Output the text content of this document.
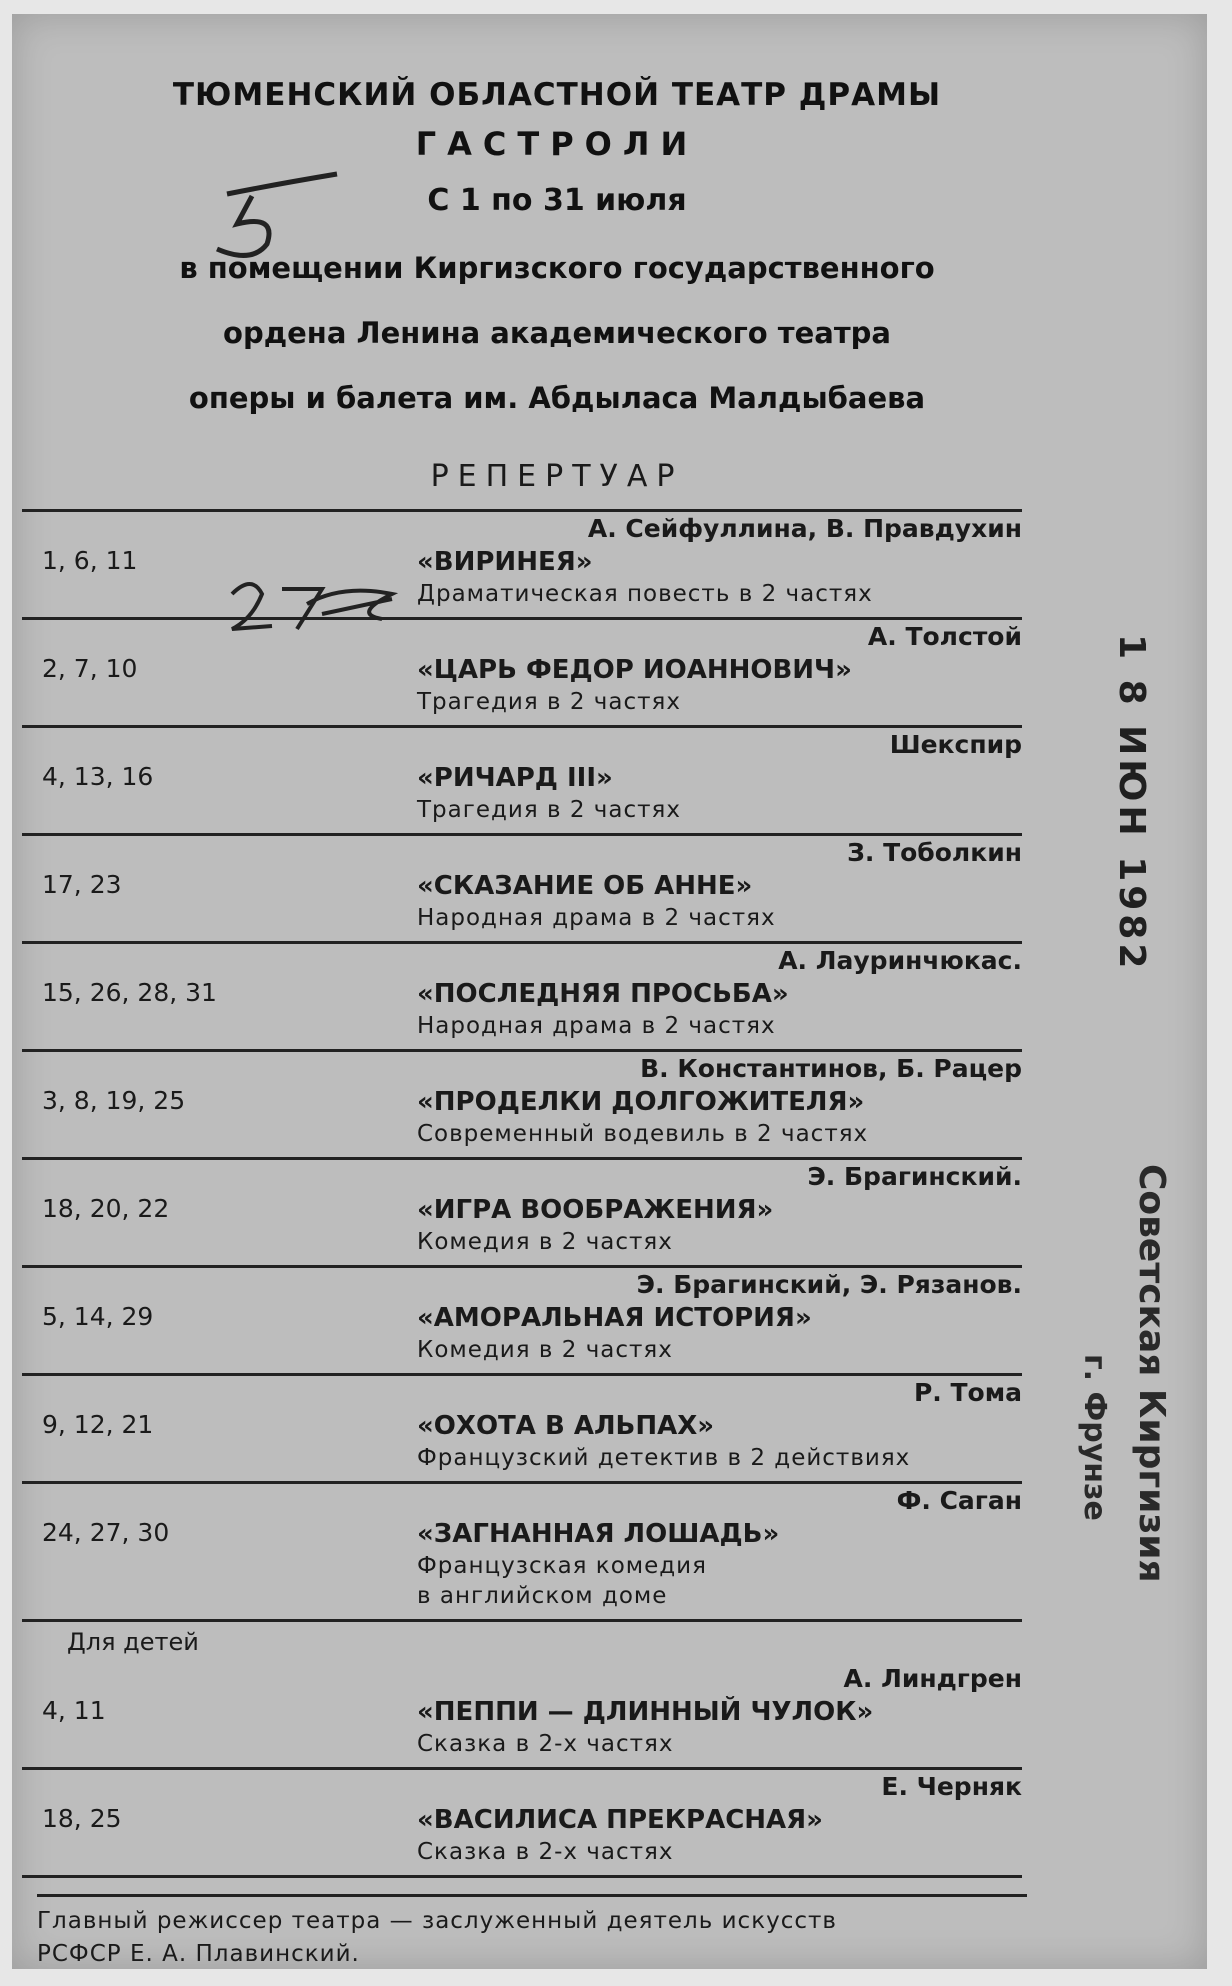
ТЮМЕНСКИЙ ОБЛАСТНОЙ ТЕАТР ДРАМЫ
ГАСТРОЛИ
С 1 по 31 июля
в помещении Киргизского государственного
ордена Ленина академического театра
оперы и балета им. Абдыласа Малдыбаева
РЕПЕРТУАР
1, 6, 11
А. Сейфуллина, В. Правдухин
«ВИРИНЕЯ»
Драматическая повесть в 2 частях
2, 7, 10
А. Толстой
«ЦАРЬ ФЕДОР ИОАННОВИЧ»
Трагедия в 2 частях
4, 13, 16
Шекспир
«РИЧАРД III»
Трагедия в 2 частях
17, 23
З. Тоболкин
«СКАЗАНИЕ ОБ АННЕ»
Народная драма в 2 частях
15, 26, 28, 31
А. Лауринчюкас.
«ПОСЛЕДНЯЯ ПРОСЬБА»
Народная драма в 2 частях
3, 8, 19, 25
В. Константинов, Б. Рацер
«ПРОДЕЛКИ ДОЛГОЖИТЕЛЯ»
Современный водевиль в 2 частях
18, 20, 22
Э. Брагинский.
«ИГРА ВООБРАЖЕНИЯ»
Комедия в 2 частях
5, 14, 29
Э. Брагинский, Э. Рязанов.
«АМОРАЛЬНАЯ ИСТОРИЯ»
Комедия в 2 частях
9, 12, 21
Р. Тома
«ОХОТА В АЛЬПАХ»
Французский детектив в 2 действиях
24, 27, 30
Ф. Саган
«ЗАГНАННАЯ ЛОШАДЬ»
Французская комедия
в английском доме
Для детей
4, 11
А. Линдгрен
«ПЕППИ — ДЛИННЫЙ ЧУЛОК»
Сказка в 2-х частях
18, 25
Е. Черняк
«ВАСИЛИСА ПРЕКРАСНАЯ»
Сказка в 2-х частях
Главный режиссер театра — заслуженный деятель искусств
РСФСР Е. А. Плавинский.
1 8 ИЮН 1982
Советская Киргизия
г. Фрунзе
